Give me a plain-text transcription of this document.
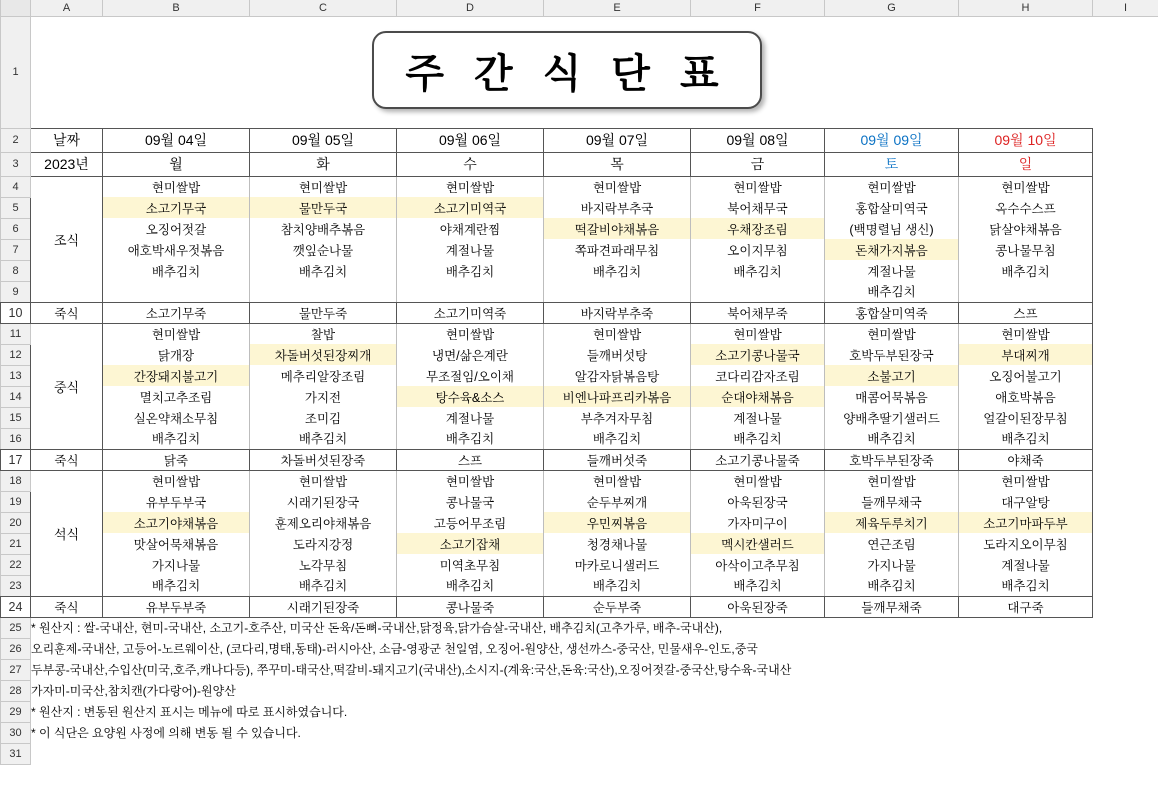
	A	B	C	D	E	F	G	H	I
1									
2	날짜	09월 04일	09월 05일	09월 06일	09월 07일	09월 08일	09월 09일	09월 10일	
3	2023년	월	화	수	목	금	토	일	
4	조식	현미쌀밥	현미쌀밥	현미쌀밥	현미쌀밥	현미쌀밥	현미쌀밥	현미쌀밥	
5		소고기무국	물만두국	소고기미역국	바지락부추국	북어채무국	홍합살미역국	옥수수스프	
6		오징어젓갈	참치양배추볶음	야채계란찜	떡갈비야채볶음	우채장조림	(백명렬님 생신)	닭살야채볶음	
7		애호박새우젓볶음	깻잎순나물	계절나물	쪽파견파래무침	오이지무침	돈채가지볶음	콩나물무침	
8		배추김치	배추김치	배추김치	배추김치	배추김치	계절나물	배추김치	
9							배추김치		
10	죽식	소고기무죽	물만두죽	소고기미역죽	바지락부추죽	북어채무죽	홍합살미역죽	스프	
11	중식	현미쌀밥	찰밥	현미쌀밥	현미쌀밥	현미쌀밥	현미쌀밥	현미쌀밥	
12		닭개장	차돌버섯된장찌개	냉면/삶은계란	들깨버섯탕	소고기콩나물국	호박두부된장국	부대찌개	
13		간장돼지불고기	메추리알장조림	무조절임/오이채	알감자닭볶음탕	코다리감자조림	소불고기	오징어불고기	
14		멸치고추조림	가지전	탕수육&소스	비엔나파프리카볶음	순대야채볶음	매콤어묵볶음	애호박볶음	
15		실온약채소무침	조미김	계절나물	부추겨자무침	계절나물	양배추딸기샐러드	얼갈이된장무침	
16		배추김치	배추김치	배추김치	배추김치	배추김치	배추김치	배추김치	
17	죽식	닭죽	차돌버섯된장죽	스프	들깨버섯죽	소고기콩나물죽	호박두부된장죽	야채죽	
18	석식	현미쌀밥	현미쌀밥	현미쌀밥	현미쌀밥	현미쌀밥	현미쌀밥	현미쌀밥	
19		유부두부국	시래기된장국	콩나물국	순두부찌개	아욱된장국	들깨무채국	대구알탕	
20		소고기야채볶음	훈제오리야채볶음	고등어무조림	우민찌볶음	가자미구이	제육두루치기	소고기마파두부	
21		맛살어묵채볶음	도라지강정	소고기잡채	청경채나물	멕시칸샐러드	연근조림	도라지오이무침	
22		가지나물	노각무침	미역초무침	마카로니샐러드	아삭이고추무침	가지나물	계절나물	
23		배추김치	배추김치	배추김치	배추김치	배추김치	배추김치	배추김치	
24	죽식	유부두부죽	시래기된장죽	콩나물죽	순두부죽	아욱된장죽	들깨무채죽	대구죽	
25	* 원산지 : 쌀-국내산, 현미-국내산, 소고기-호주산, 미국산 돈육/돈뼈-국내산,닭정육,닭가슴살-국내산, 배추김치(고추가루, 배추-국내산),								
26	오리훈제-국내산, 고등어-노르웨이산, (코다리,명태,동태)-러시아산, 소금-영광군 천일염, 오징어-원양산, 생선까스-중국산, 민물새우-인도,중국								
27	두부콩-국내산,수입산(미국,호주,캐나다등), 쭈꾸미-태국산,떡갈비-돼지고기(국내산),소시지-(계육:국산,돈육:국산),오징어젓갈-중국산,탕수육-국내산								
28	가자미-미국산,참치캔(가다랑어)-원양산								
29	* 원산지 : 변동된 원산지 표시는 메뉴에 따로 표시하였습니다.								
30	* 이 식단은 요양원 사정에 의해 변동 될 수 있습니다.								
31									
주 간 식 단 표
